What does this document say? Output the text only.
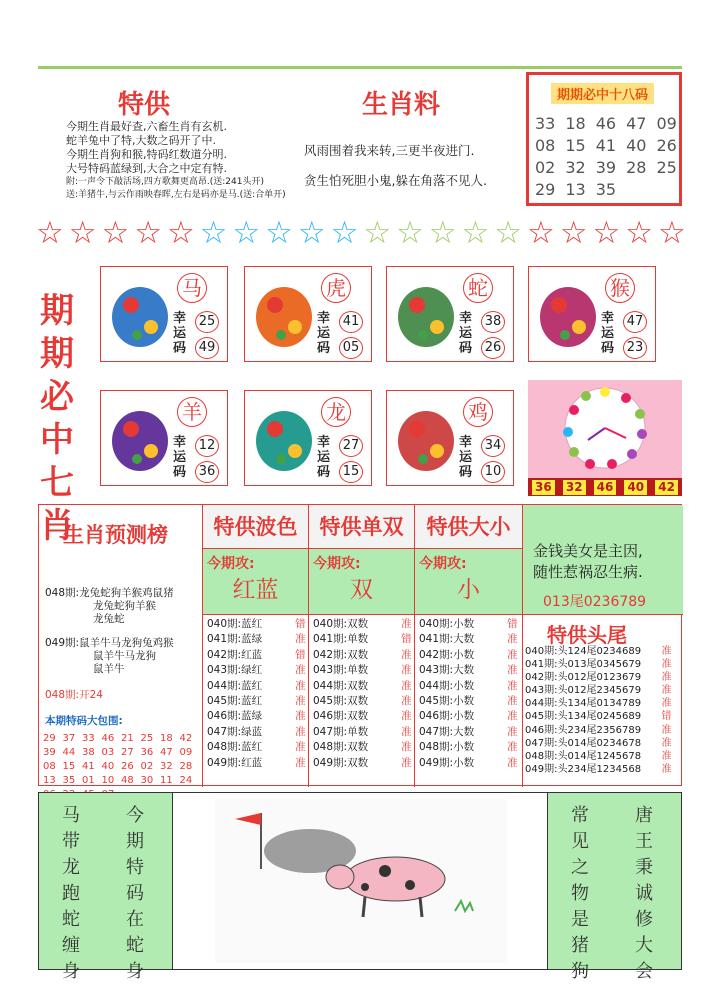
特供
今期生肖最好查,六畜生肖有玄机.
蛇羊兔中了特,大数之码开了中.
今期生肖狗和猴,特码红数道分明.
大号特码蓝绿到,大合之中定有特.
附:一声令下敲活场,四方歌舞更高昂.(送:241头开)
送:羊猪牛,与云作雨映春晖,左右是码亦是马.(送:合单开)
生肖料
风雨围着我来转,三更半夜进门.
贪生怕死胆小鬼,躲在角落不见人.
期期必中十八码
33 18 46 47 09
08 15 41 40 26
02 32 39 28 25
29 13 35
☆ ☆ ☆ ☆ ☆ ☆ ☆ ☆ ☆ ☆ ☆ ☆ ☆ ☆ ☆ ☆ ☆ ☆ ☆ ☆
期
期
必
中
七
肖
马
幸运码
25
49
虎
幸运码
41
05
蛇
幸运码
38
26
猴
幸运码
47
23
羊
幸运码
12
36
龙
幸运码
27
15
鸡
幸运码
34
10
36 32 46 40 42
生肖预测榜
048期:龙兔蛇狗羊猴鸡鼠猪
龙兔蛇狗羊猴
龙兔蛇
049期:鼠羊牛马龙狗兔鸡猴
鼠羊牛马龙狗
鼠羊牛
048期:开24
本期特码大包围:
29 37 33 46 21 25 18 42
39 44 38 03 27 36 47 09
08 15 41 40 26 02 32 28
13 35 01 10 48 30 11 24
特供波色
今期攻:
红蓝
040期:蓝红	错
041期:蓝绿	准
042期:红蓝	错
043期:绿红	准
044期:蓝红	准
045期:蓝红	准
046期:蓝绿	准
047期:绿蓝	准
048期:蓝红	准
049期:红蓝	准
特供单双
今期攻:
双
040期:双数	准
041期:单数	错
042期:双数	准
043期:单数	准
044期:双数	准
045期:双数	准
046期:双数	准
047期:单数	准
048期:双数	准
049期:双数	准
特供大小
今期攻:
小
040期:小数	错
041期:大数	准
042期:小数	准
043期:大数	准
044期:小数	准
045期:小数	准
046期:小数	准
047期:大数	准
048期:小数	准
049期:小数	准
金钱美女是主因,
随性惹祸忍生病.
013尾0236789
特供头尾
040期:头124尾0234689 准
041期:头013尾0345679 准
042期:头012尾0123679 准
043期:头012尾2345679 准
044期:头134尾0134789 准
045期:头134尾0245689 错
046期:头234尾2356789 准
047期:头014尾0234678 准
048期:头014尾1245678 准
049期:头234尾1234568 准
马
带
龙
跑
蛇
缠
身
今
期
特
码
在
蛇
身
常
见
之
物
是
猪
狗
唐
王
秉
诚
修
大
会
